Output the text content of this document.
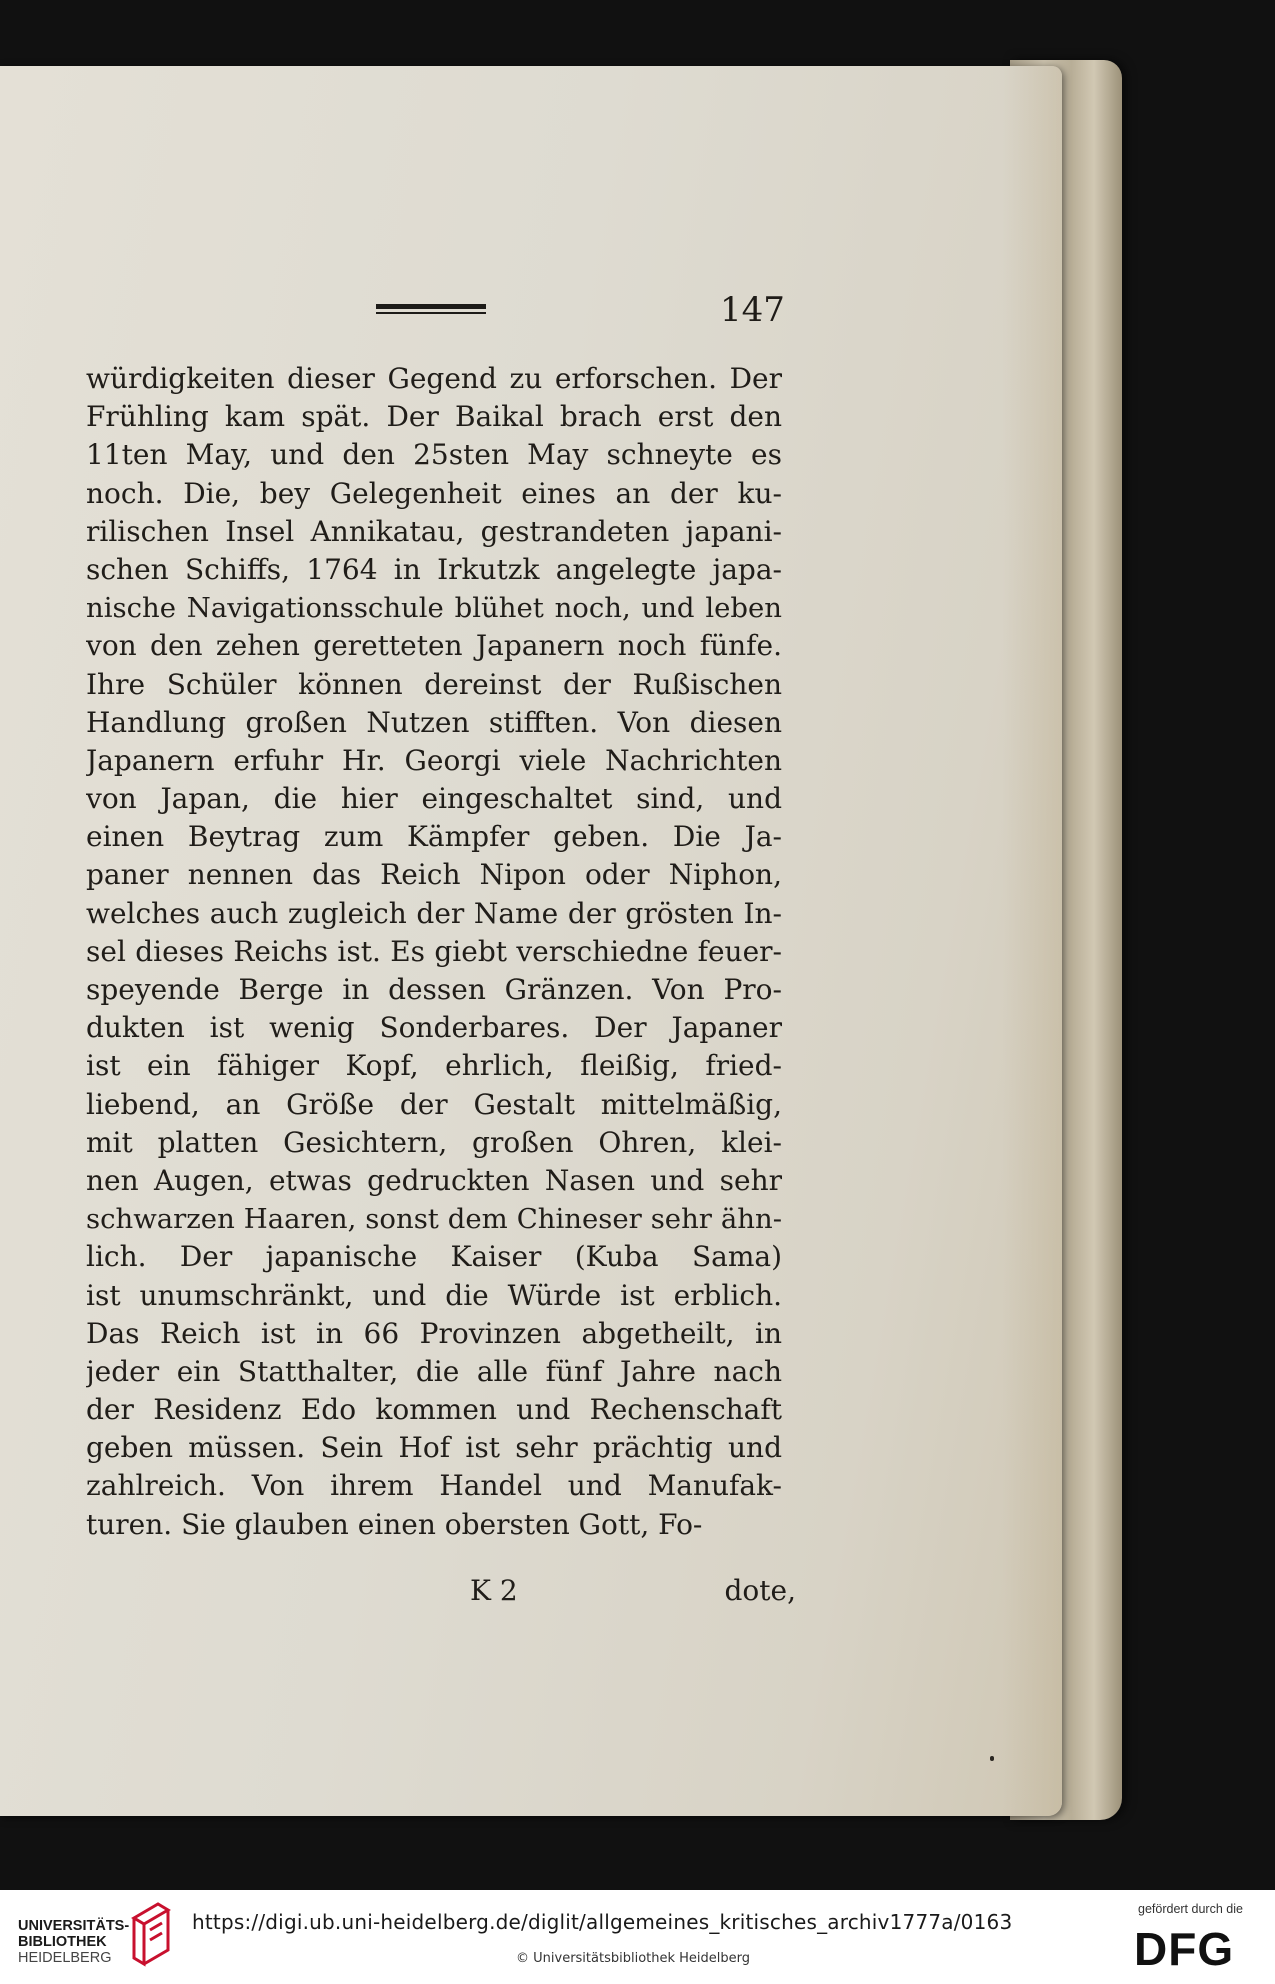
147
würdigkeiten dieser Gegend zu erforschen. Der
Frühling kam spät. Der Baikal brach erst den
11ten May, und den 25sten May schneyte es
noch. Die, bey Gelegenheit eines an der ku-
rilischen Insel Annikatau, gestrandeten japani-
schen Schiffs, 1764 in Irkutzk angelegte japa-
nische Navigationsschule blühet noch, und leben
von den zehen geretteten Japanern noch fünfe.
Ihre Schüler können dereinst der Rußischen
Handlung großen Nutzen stifften. Von diesen
Japanern erfuhr Hr. Georgi viele Nachrichten
von Japan, die hier eingeschaltet sind, und
einen Beytrag zum Kämpfer geben. Die Ja-
paner nennen das Reich Nipon oder Niphon,
welches auch zugleich der Name der grösten In-
sel dieses Reichs ist. Es giebt verschiedne feuer-
speyende Berge in dessen Gränzen. Von Pro-
dukten ist wenig Sonderbares. Der Japaner
ist ein fähiger Kopf, ehrlich, fleißig, fried-
liebend, an Größe der Gestalt mittelmäßig,
mit platten Gesichtern, großen Ohren, klei-
nen Augen, etwas gedruckten Nasen und sehr
schwarzen Haaren, sonst dem Chineser sehr ähn-
lich. Der japanische Kaiser (Kuba Sama)
ist unumschränkt, und die Würde ist erblich.
Das Reich ist in 66 Provinzen abgetheilt, in
jeder ein Statthalter, die alle fünf Jahre nach
der Residenz Edo kommen und Rechenschaft
geben müssen. Sein Hof ist sehr prächtig und
zahlreich. Von ihrem Handel und Manufak-
turen. Sie glauben einen obersten Gott, Fo-
K 2	dote,
UNIVERSITÄTS-
BIBLIOTHEK
HEIDELBERG
https://digi.ub.uni-heidelberg.de/diglit/allgemeines_kritisches_archiv1777a/0163
© Universitätsbibliothek Heidelberg
gefördert durch die
DFG
